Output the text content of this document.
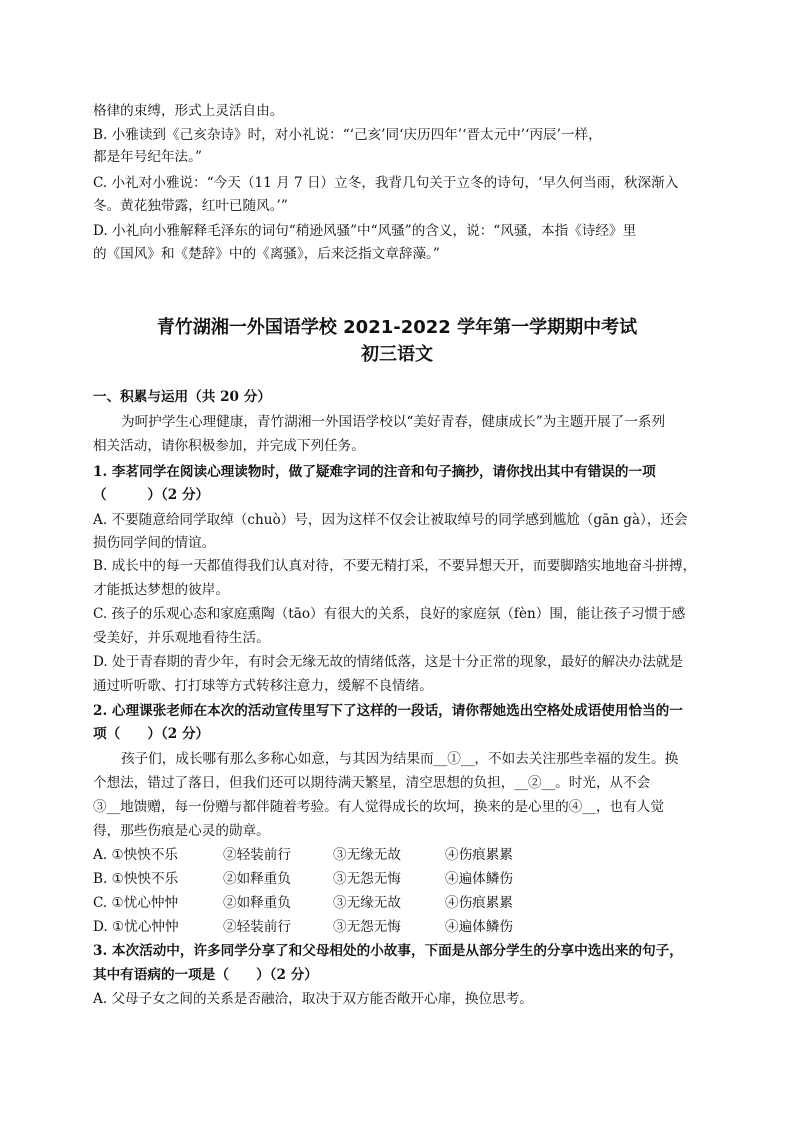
格律的束缚，形式上灵活自由。
B. 小雅读到《己亥杂诗》时，对小礼说：“‘己亥’同‘庆历四年’‘晋太元中’‘丙辰’一样，
都是年号纪年法。”
C. 小礼对小雅说：“今天（11 月 7 日）立冬，我背几句关于立冬的诗句，‘早久何当雨，秋深渐入
冬。黄花独带露，红叶已随风。’”
D. 小礼向小雅解释毛泽东的词句“稍逊风骚”中“风骚”的含义，说：“风骚，本指《诗经》里
的《国风》和《楚辞》中的《离骚》，后来泛指文章辞藻。”
青竹湖湘一外国语学校 2021-2022 学年第一学期期中考试
初三语文
一、积累与运用（共 20 分）
为呵护学生心理健康，青竹湖湘一外国语学校以“美好青春，健康成长”为主题开展了一系列
相关活动，请你积极参加，并完成下列任务。
1. 李茗同学在阅读心理读物时，做了疑难字词的注音和句子摘抄，请你找出其中有错误的一项
（　　　）（2 分）
A. 不要随意给同学取绰（chuò）号，因为这样不仅会让被取绰号的同学感到尴尬（gān gà），还会
损伤同学间的情谊。
B. 成长中的每一天都值得我们认真对待，不要无精打采，不要异想天开，而要脚踏实地地奋斗拼搏，
才能抵达梦想的彼岸。
C. 孩子的乐观心态和家庭熏陶（tāo）有很大的关系，良好的家庭氛（fèn）围，能让孩子习惯于感
受美好，并乐观地看待生活。
D. 处于青春期的青少年，有时会无缘无故的情绪低落，这是十分正常的现象，最好的解决办法就是
通过听听歌、打打球等方式转移注意力，缓解不良情绪。
2. 心理课张老师在本次的活动宣传里写下了这样的一段话，请你帮她选出空格处成语使用恰当的一
项（　　）（2 分）
孩子们，成长哪有那么多称心如意，与其因为结果而__①__，不如去关注那些幸福的发生。换
个想法，错过了落日，但我们还可以期待满天繁星，清空思想的负担，__②__。时光，从不会
③__地馈赠，每一份赠与都伴随着考验。有人觉得成长的坎坷，换来的是心里的④__，也有人觉
得，那些伤痕是心灵的勋章。
A. ①怏怏不乐	②轻装前行	③无缘无故	④伤痕累累
B. ①怏怏不乐	②如释重负	③无怨无悔	④遍体鳞伤
C. ①忧心忡忡	②如释重负	③无缘无故	④伤痕累累
D. ①忧心忡忡	②轻装前行	③无怨无悔	④遍体鳞伤
3. 本次活动中，许多同学分享了和父母相处的小故事，下面是从部分学生的分享中选出来的句子，
其中有语病的一项是（　　）（2 分）
A. 父母子女之间的关系是否融洽，取决于双方能否敞开心扉，换位思考。
